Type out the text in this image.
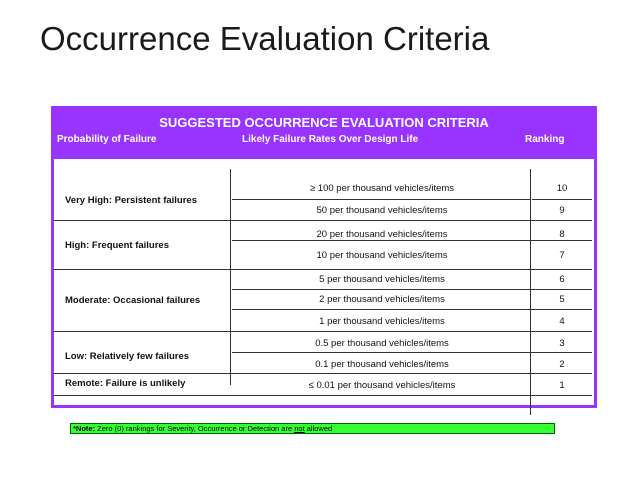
Occurrence Evaluation Criteria
SUGGESTED OCCURRENCE EVALUATION CRITERIA
Probability of Failure	Likely Failure Rates Over Design Life	Ranking
Very High: Persistent failures
High: Frequent failures
Moderate: Occasional failures
Low: Relatively few failures
Remote: Failure is unlikely
≥ 100 per thousand vehicles/items
50 per thousand vehicles/items
20 per thousand vehicles/items
10 per thousand vehicles/items
5 per thousand vehicles/items
2 per thousand vehicles/items
1 per thousand vehicles/items
0.5 per thousand vehicles/items
0.1 per thousand vehicles/items
≤ 0.01 per thousand vehicles/items
10
9
8
7
6
5
4
3
2
1
*Note: Zero (0) rankings for Severity, Occurrence or Detection are not allowed
